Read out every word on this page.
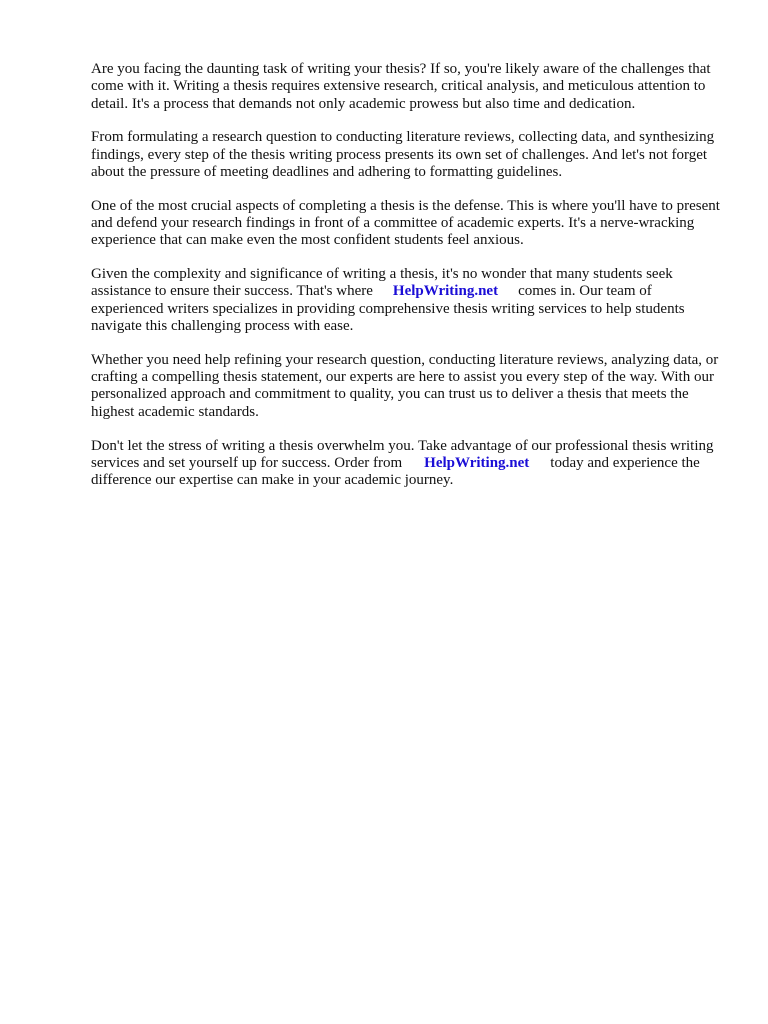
Are you facing the daunting task of writing your thesis? If so, you're likely aware of the challenges that come with it. Writing a thesis requires extensive research, critical analysis, and meticulous attention to detail. It's a process that demands not only academic prowess but also time and dedication.

From formulating a research question to conducting literature reviews, collecting data, and synthesizing findings, every step of the thesis writing process presents its own set of challenges. And let's not forget about the pressure of meeting deadlines and adhering to formatting guidelines.

One of the most crucial aspects of completing a thesis is the defense. This is where you'll have to present and defend your research findings in front of a committee of academic experts. It's a nerve-wracking experience that can make even the most confident students feel anxious.

Given the complexity and significance of writing a thesis, it's no wonder that many students seek assistance to ensure their success. That's where HelpWriting.net comes in. Our team of experienced writers specializes in providing comprehensive thesis writing services to help students navigate this challenging process with ease.

Whether you need help refining your research question, conducting literature reviews, analyzing data, or crafting a compelling thesis statement, our experts are here to assist you every step of the way. With our personalized approach and commitment to quality, you can trust us to deliver a thesis that meets the highest academic standards.

Don't let the stress of writing a thesis overwhelm you. Take advantage of our professional thesis writing services and set yourself up for success. Order from HelpWriting.net today and experience the difference our expertise can make in your academic journey.
